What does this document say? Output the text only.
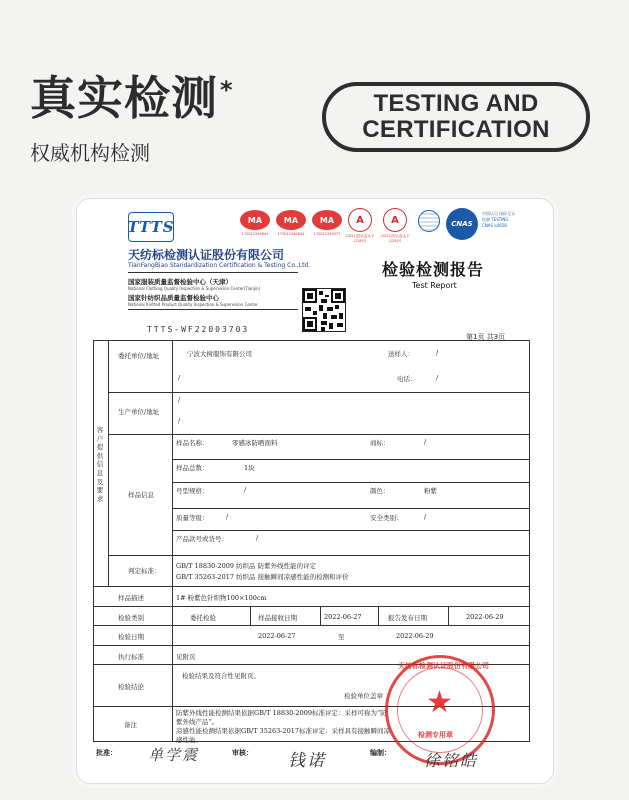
真实检测*
权威机构检测
TESTING AND
CERTIFICATION
TTTS
天纺标检测认证股份有限公司
TianFangBiao Standardization Certification & Testing Co.,Ltd.
国家服装质量监督检验中心（天津）
National Clothing Quality Inspection & Supervision Center(Tianjin)
国家针纺织品质量监督检验中心
National Knitted Product Quality Inspection & Supervision Center
MA	MA	MA
170012340644	170012340644	170012340077
A	A
(2021)国认监认字(218)号
(2021)国认监认字(228)号
CNAS
中国认可 国际互认 检测 TESTING CNAS L0658
检验检测报告
Test Report
TTTS-WF22003703
第1页 共3页
客户提供信息及要求
委托单位/地址	宁波大树服饰有限公司
/
送样人：	/
电话：	/
生产单位/地址
/
/
样品信息
样品名称：	零感冰防晒面料	商标：	/
样品总数：	1块
号型规格：	/	颜色：	粉紫
质量等级：	/	安全类别：	/
产品款号或货号：	/
判定标准：
GB/T 18830-2009 纺织品 防紫外线性能的评定
GB/T 35263-2017 纺织品 接触瞬间凉感性能的检测和评价
样品描述	1# 粉紫色针织物100×100cm
检验类别	委托检验	样品接收日期	2022-06-27	报告发布日期	2022-06-29
检验日期	2022-06-27	至	2022-06-29
执行标准	见附页
检验结论
检验结果及符合性见附页。
检验单位盖章
备注
防紫外线性能检测结果依据GB/T 18830-2009标准评定：采样可称为“防
紫外线产品”。
凉感性能检测结果依据GB/T 35263-2017标准评定：采样具有接触瞬间凉
感性能。
★
天纺标检测认证股份有限公司
检测专用章
批准： 单学震	审核： 钱诺	编制： 徐铭皓
